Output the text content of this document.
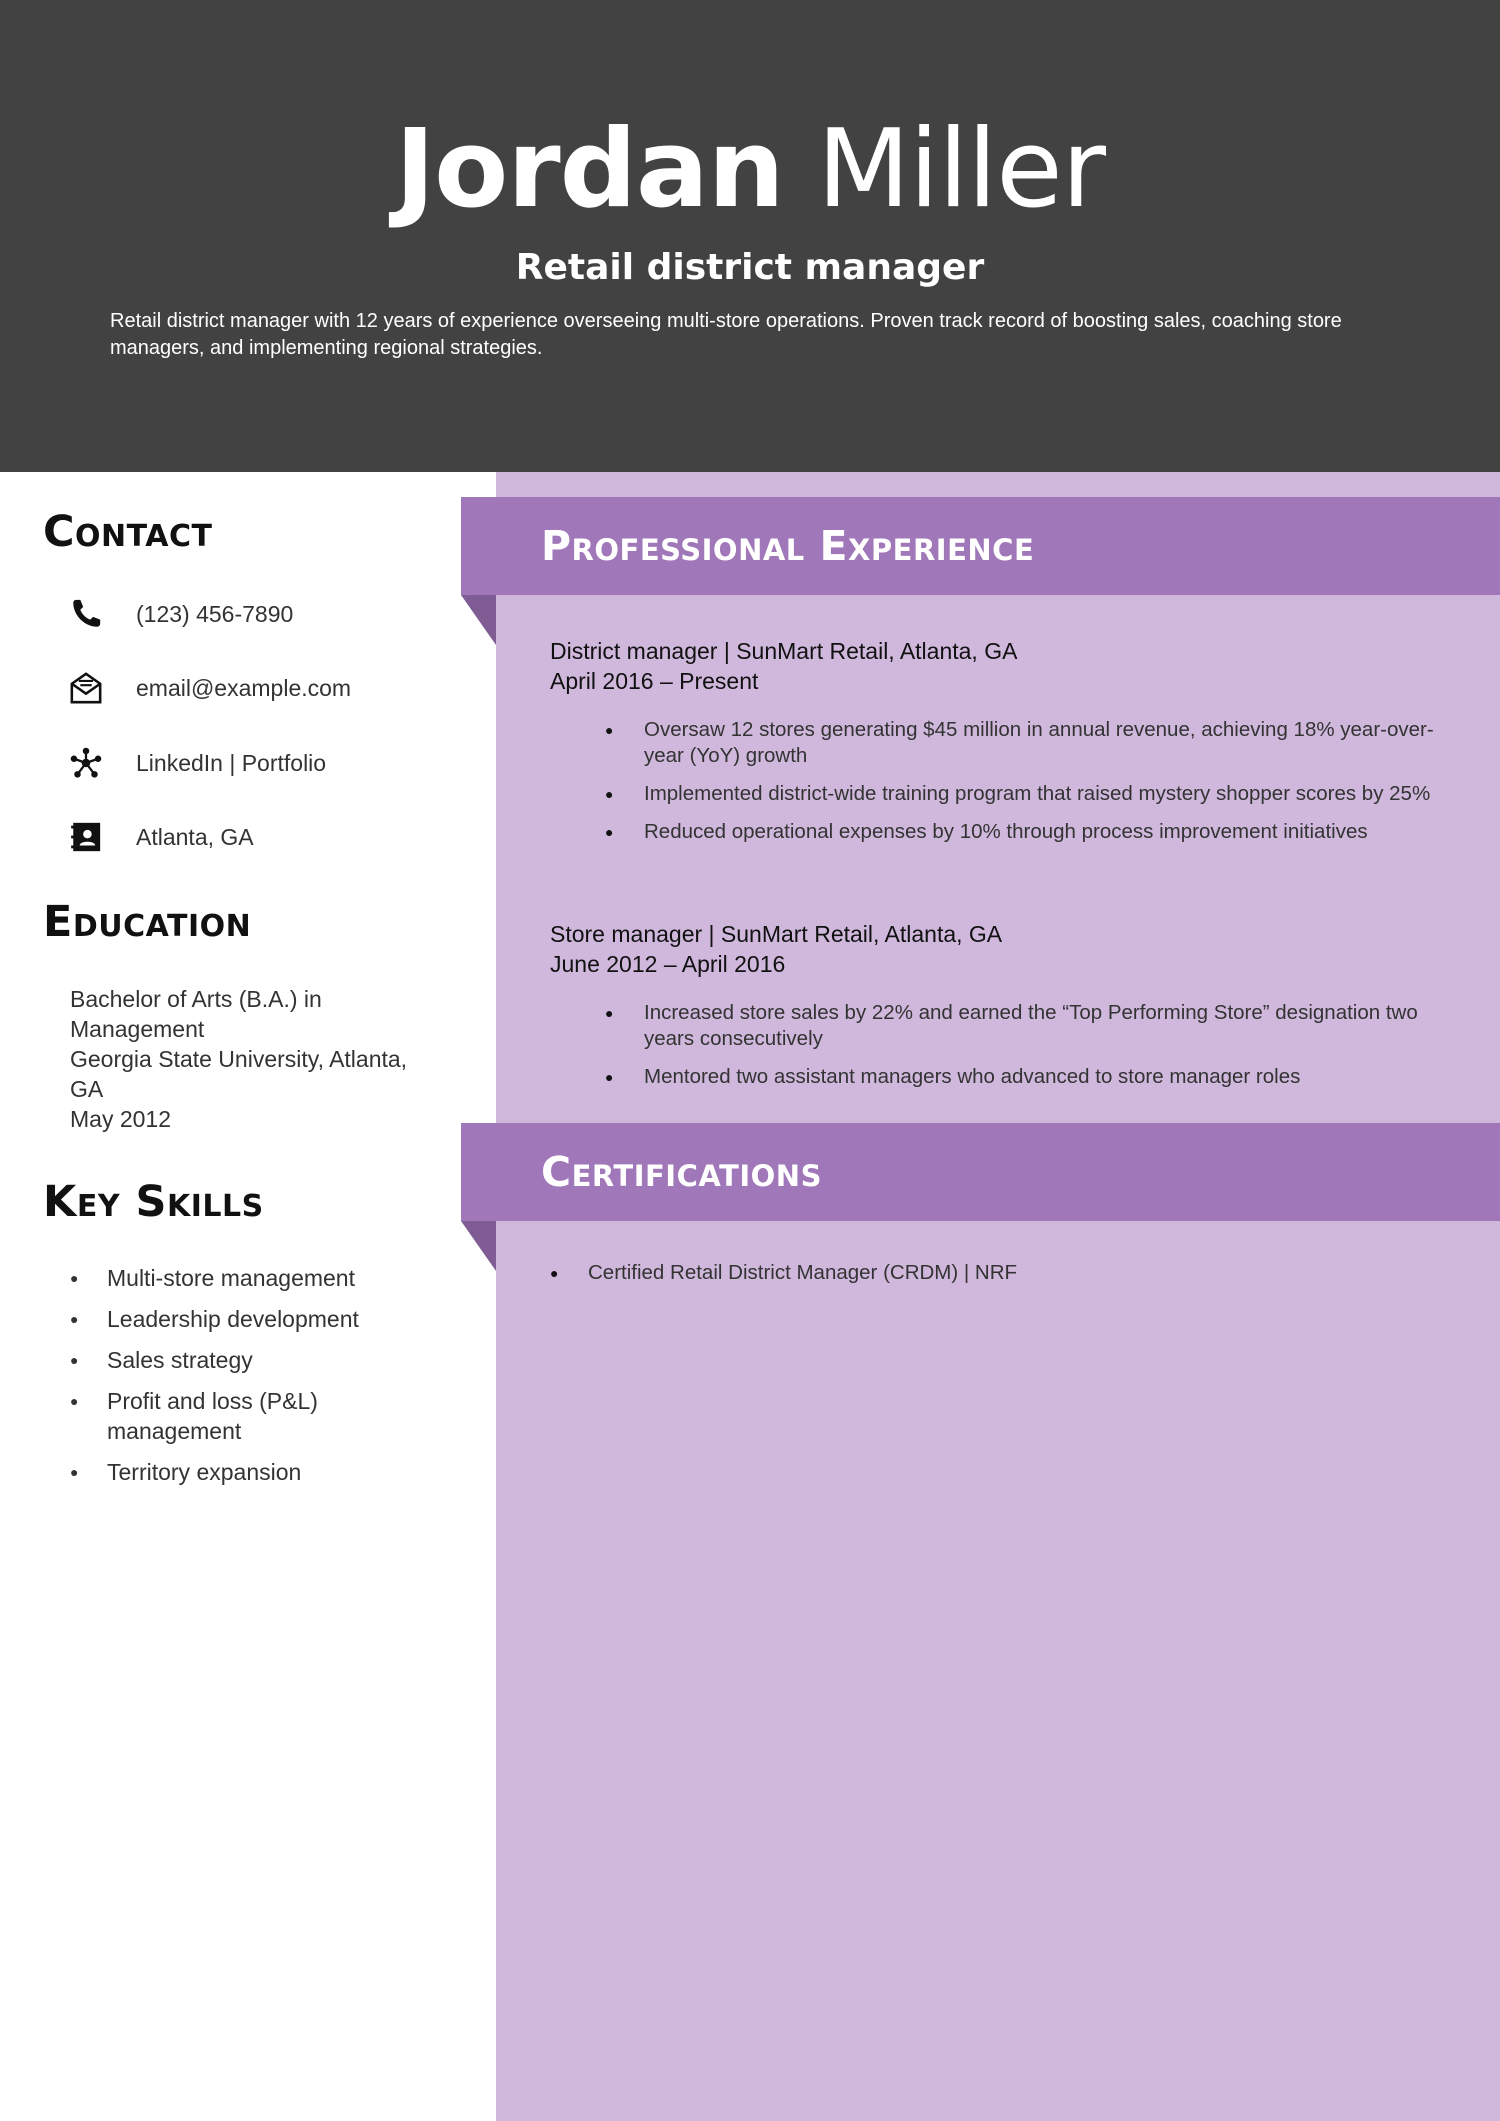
Jordan Miller
Retail district manager
Retail district manager with 12 years of experience overseeing multi-store operations. Proven track record of boosting sales, coaching store managers, and implementing regional strategies.
Contact
(123) 456-7890
email@example.com
LinkedIn | Portfolio
Atlanta, GA
Education
Bachelor of Arts (B.A.) in
Management
Georgia State University, Atlanta,
GA
May 2012
Key Skills
● Multi-store management
● Leadership development
● Sales strategy
● Profit and loss (P&L) management
● Territory expansion
Professional Experience
District manager | SunMart Retail, Atlanta, GA
April 2016 – Present
● Oversaw 12 stores generating $45 million in annual revenue, achieving 18% year-over-year (YoY) growth
● Implemented district-wide training program that raised mystery shopper scores by 25%
● Reduced operational expenses by 10% through process improvement initiatives
Store manager | SunMart Retail, Atlanta, GA
June 2012 – April 2016
● Increased store sales by 22% and earned the “Top Performing Store” designation two years consecutively
● Mentored two assistant managers who advanced to store manager roles
Certifications
● Certified Retail District Manager (CRDM) | NRF
